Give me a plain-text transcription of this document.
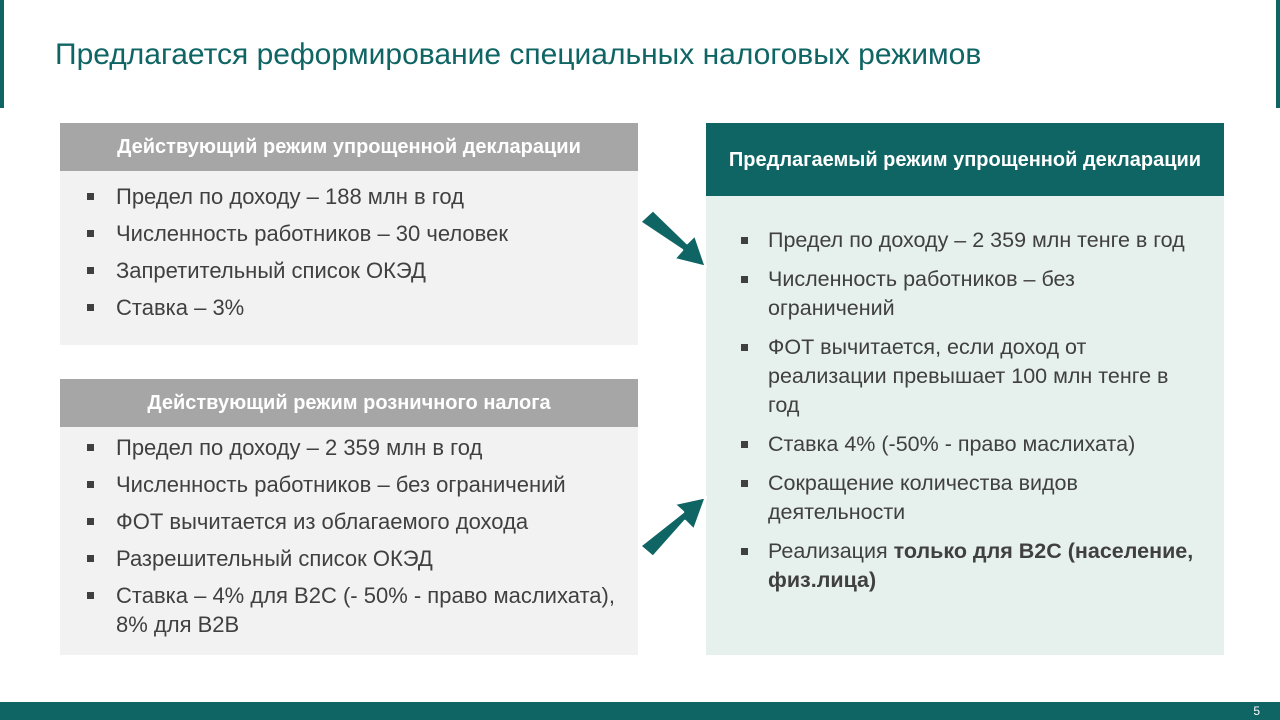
Предлагается реформирование специальных налоговых режимов
Действующий режим упрощенной декларации
Предел по доходу – 188 млн в год
Численность работников – 30 человек
Запретительный список ОКЭД
Ставка – 3%
Действующий режим розничного налога
Предел по доходу – 2 359 млн в год
Численность работников – без ограничений
ФОТ вычитается из облагаемого дохода
Разрешительный список ОКЭД
Ставка – 4% для B2C (- 50% - право маслихата), 8% для B2B
Предлагаемый режим упрощенной декларации
Предел по доходу – 2 359 млн тенге в год
Численность работников – без ограничений
ФОТ вычитается, если доход от реализации превышает 100 млн тенге в год
Ставка 4% (-50% - право маслихата)
Сокращение количества видов деятельности
Реализация только для B2C (население, физ.лица)
5
